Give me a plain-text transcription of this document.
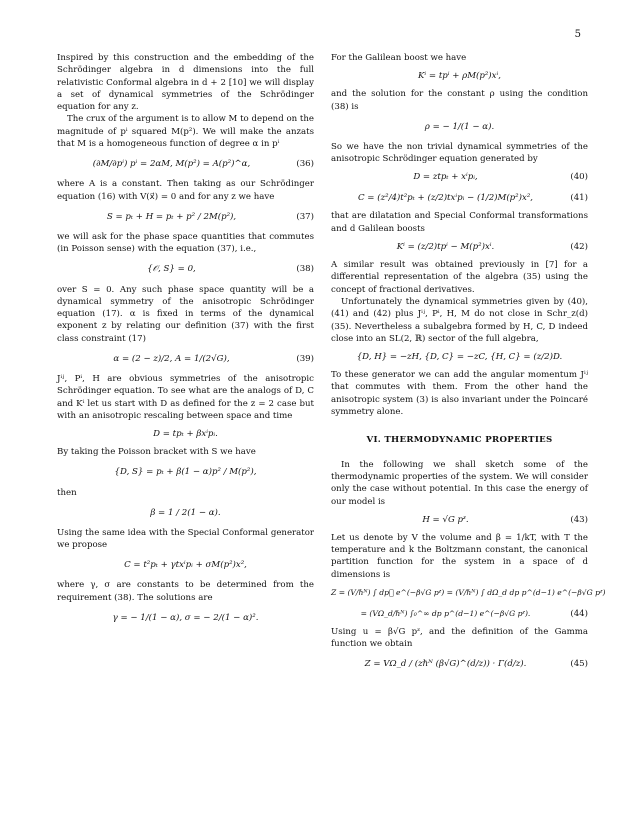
5

Inspired by this construction and the embedding of the Schrödinger algebra in d dimensions into the full relativistic Conformal algebra in d + 2 [10] we will display a set of dynamical symmetries of the Schrödinger equation for any z.

The crux of the argument is to allow M to depend on the magnitude of pⁱ squared M(p²). We will make the anzats that M is a homogeneous function of degree α in pⁱ

(∂M/∂pⁱ) pⁱ = 2αM, M(p²) = A(p²)^α,	(36)

where A is a constant. Then taking as our Schrödinger equation (16) with V(x⃗) = 0 and for any z we have

S = pₜ + H = pₜ + p² / 2M(p²),	(37)

we will ask for the phase space quantities that commutes (in Poisson sense) with the equation (37), i.e.,

{𝒪, S} = 0,	(38)

over S = 0. Any such phase space quantity will be a dynamical symmetry of the anisotropic Schrödinger equation (17). α is fixed in terms of the dynamical exponent z by relating our definition (37) with the first class constraint (17)

α = (2 − z)/2, A = 1/(2√G),	(39)

Jⁱʲ, Pⁱ, H are obvious symmetries of the anisotropic Schrödinger equation. To see what are the analogs of D, C and Kⁱ let us start with D as defined for the z = 2 case but with an anisotropic rescaling between space and time

D = tpₜ + βxⁱpᵢ.

By taking the Poisson bracket with S we have

{D, S} = pₜ + β(1 − α)p² / M(p²),

then

β = 1 / 2(1 − α).

Using the same idea with the Special Conformal generator we propose

C = t²pₜ + γtxⁱpᵢ + σM(p²)x²,

where γ, σ are constants to be determined from the requirement (38). The solutions are

γ = − 1/(1 − α), σ = − 2/(1 − α)².

For the Galilean boost we have

Kⁱ = tpⁱ + ρM(p²)xⁱ,

and the solution for the constant ρ using the condition (38) is

ρ = − 1/(1 − α).

So we have the non trivial dynamical symmetries of the anisotropic Schrödinger equation generated by

D = ztpₜ + xⁱpᵢ,	(40)
C = (z²/4)t²pₜ + (z/2)txⁱpᵢ − (1/2)M(p²)x²,	(41)

that are dilatation and Special Conformal transformations and d Galilean boosts

Kⁱ = (z/2)tpⁱ − M(p²)xⁱ.	(42)

A similar result was obtained previously in [7] for a differential representation of the algebra (35) using the concept of fractional derivatives.

Unfortunately the dynamical symmetries given by (40), (41) and (42) plus Jⁱʲ, Pⁱ, H, M do not close in Schr_z(d) (35). Nevertheless a subalgebra formed by H, C, D indeed close into an SL(2, ℝ) sector of the full algebra,

{D, H} = −zH, {D, C} = −zC, {H, C} = (z/2)D.

To these generator we can add the angular momentum Jⁱʲ that commutes with them. From the other hand the anisotropic system (3) is also invariant under the Poincaré symmetry alone.

VI. THERMODYNAMIC PROPERTIES

In the following we shall sketch some of the thermodynamic properties of the system. We will consider only the case without potential. In this case the energy of our model is

H = √G pᶻ.	(43)

Let us denote by V the volume and β = 1/kT, with T the temperature and k the Boltzmann constant, the canonical partition function for the system in a space of d dimensions is

Z = (V/ℏᴺ) ∫ dp⃗ e^(−β√G pᶻ) = (V/ℏᴺ) ∫ dΩ_d dp p^(d−1) e^(−β√G pᶻ)
= (VΩ_d/ℏᴺ) ∫₀^∞ dp p^(d−1) e^(−β√G pᶻ).	(44)

Using u = β√G pᶻ, and the definition of the Gamma function we obtain

Z = VΩ_d / (zℏᴺ (β√G)^(d/z)) · Γ(d/z).	(45)
